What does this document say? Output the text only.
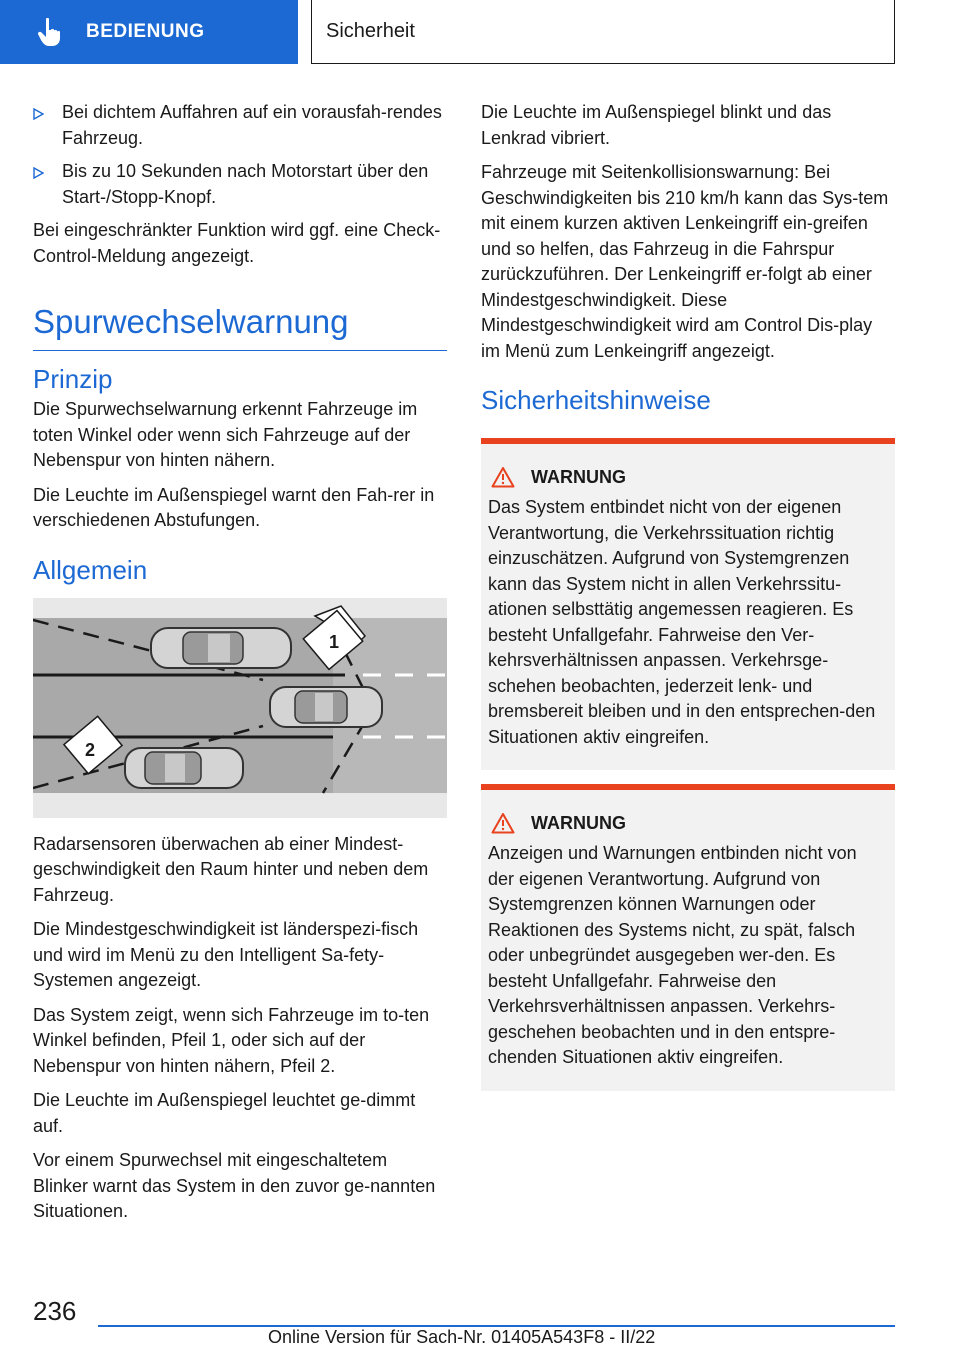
BEDIENUNG	Sicherheit
Bei dichtem Auffahren auf ein vorausfah-rendes Fahrzeug.
Bis zu 10 Sekunden nach Motorstart über den Start-/Stopp-Knopf.

Bei eingeschränkter Funktion wird ggf. eine Check-Control-Meldung angezeigt.

Spurwechselwarnung
Prinzip

Die Spurwechselwarnung erkennt Fahrzeuge im toten Winkel oder wenn sich Fahrzeuge auf der Nebenspur von hinten nähern.

Die Leuchte im Außenspiegel warnt den Fah-rer in verschiedenen Abstufungen.

Allgemein
1
2

Radarsensoren überwachen ab einer Mindest-geschwindigkeit den Raum hinter und neben dem Fahrzeug.

Die Mindestgeschwindigkeit ist länderspezi-fisch und wird im Menü zu den Intelligent Sa-fety-Systemen angezeigt.

Das System zeigt, wenn sich Fahrzeuge im to-ten Winkel befinden, Pfeil 1, oder sich auf der Nebenspur von hinten nähern, Pfeil 2.

Die Leuchte im Außenspiegel leuchtet ge-dimmt auf.

Vor einem Spurwechsel mit eingeschaltetem Blinker warnt das System in den zuvor ge-nannten Situationen.

Die Leuchte im Außenspiegel blinkt und das Lenkrad vibriert.

Fahrzeuge mit Seitenkollisionswarnung: Bei Geschwindigkeiten bis 210 km/h kann das Sys-tem mit einem kurzen aktiven Lenkeingriff ein-greifen und so helfen, das Fahrzeug in die Fahrspur zurückzuführen. Der Lenkeingriff er-folgt ab einer Mindestgeschwindigkeit. Diese Mindestgeschwindigkeit wird am Control Dis-play im Menü zum Lenkeingriff angezeigt.

Sicherheitshinweise
WARNUNG

Das System entbindet nicht von der eigenen Verantwortung, die Verkehrssituation richtig einzuschätzen. Aufgrund von Systemgrenzen kann das System nicht in allen Verkehrssitu-ationen selbsttätig angemessen reagieren. Es besteht Unfallgefahr. Fahrweise den Ver-kehrsverhältnissen anpassen. Verkehrsge-schehen beobachten, jederzeit lenk- und bremsbereit bleiben und in den entsprechen-den Situationen aktiv eingreifen.

WARNUNG

Anzeigen und Warnungen entbinden nicht von der eigenen Verantwortung. Aufgrund von Systemgrenzen können Warnungen oder Reaktionen des Systems nicht, zu spät, falsch oder unbegründet ausgegeben wer-den. Es besteht Unfallgefahr. Fahrweise den Verkehrsverhältnissen anpassen. Verkehrs-geschehen beobachten und in den entspre-chenden Situationen aktiv eingreifen.

236
Online Version für Sach-Nr. 01405A543F8 - II/22
